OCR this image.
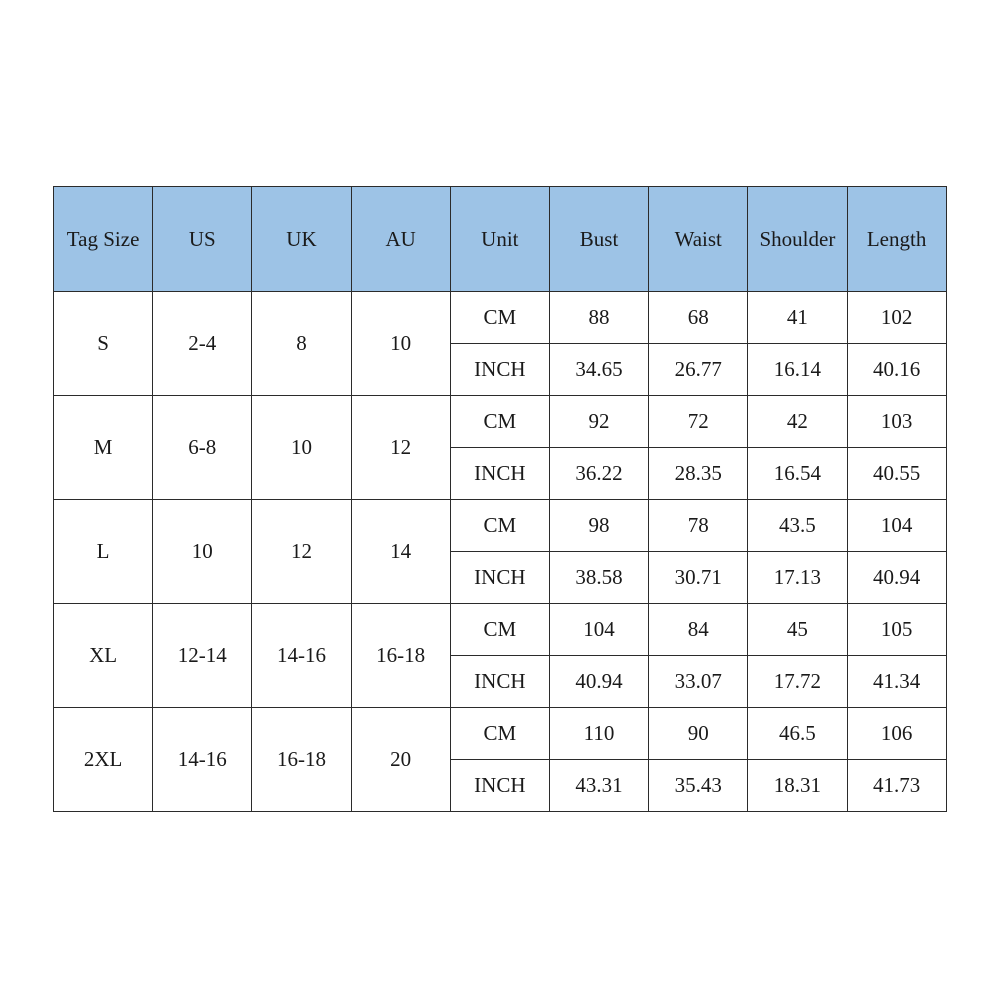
Tag Size	US	UK	AU	Unit	Bust	Waist	Shoulder	Length
S	2-4	8	10	CM	88	68	41	102
				INCH	34.65	26.77	16.14	40.16
M	6-8	10	12	CM	92	72	42	103
				INCH	36.22	28.35	16.54	40.55
L	10	12	14	CM	98	78	43.5	104
				INCH	38.58	30.71	17.13	40.94
XL	12-14	14-16	16-18	CM	104	84	45	105
				INCH	40.94	33.07	17.72	41.34
2XL	14-16	16-18	20	CM	110	90	46.5	106
				INCH	43.31	35.43	18.31	41.73
